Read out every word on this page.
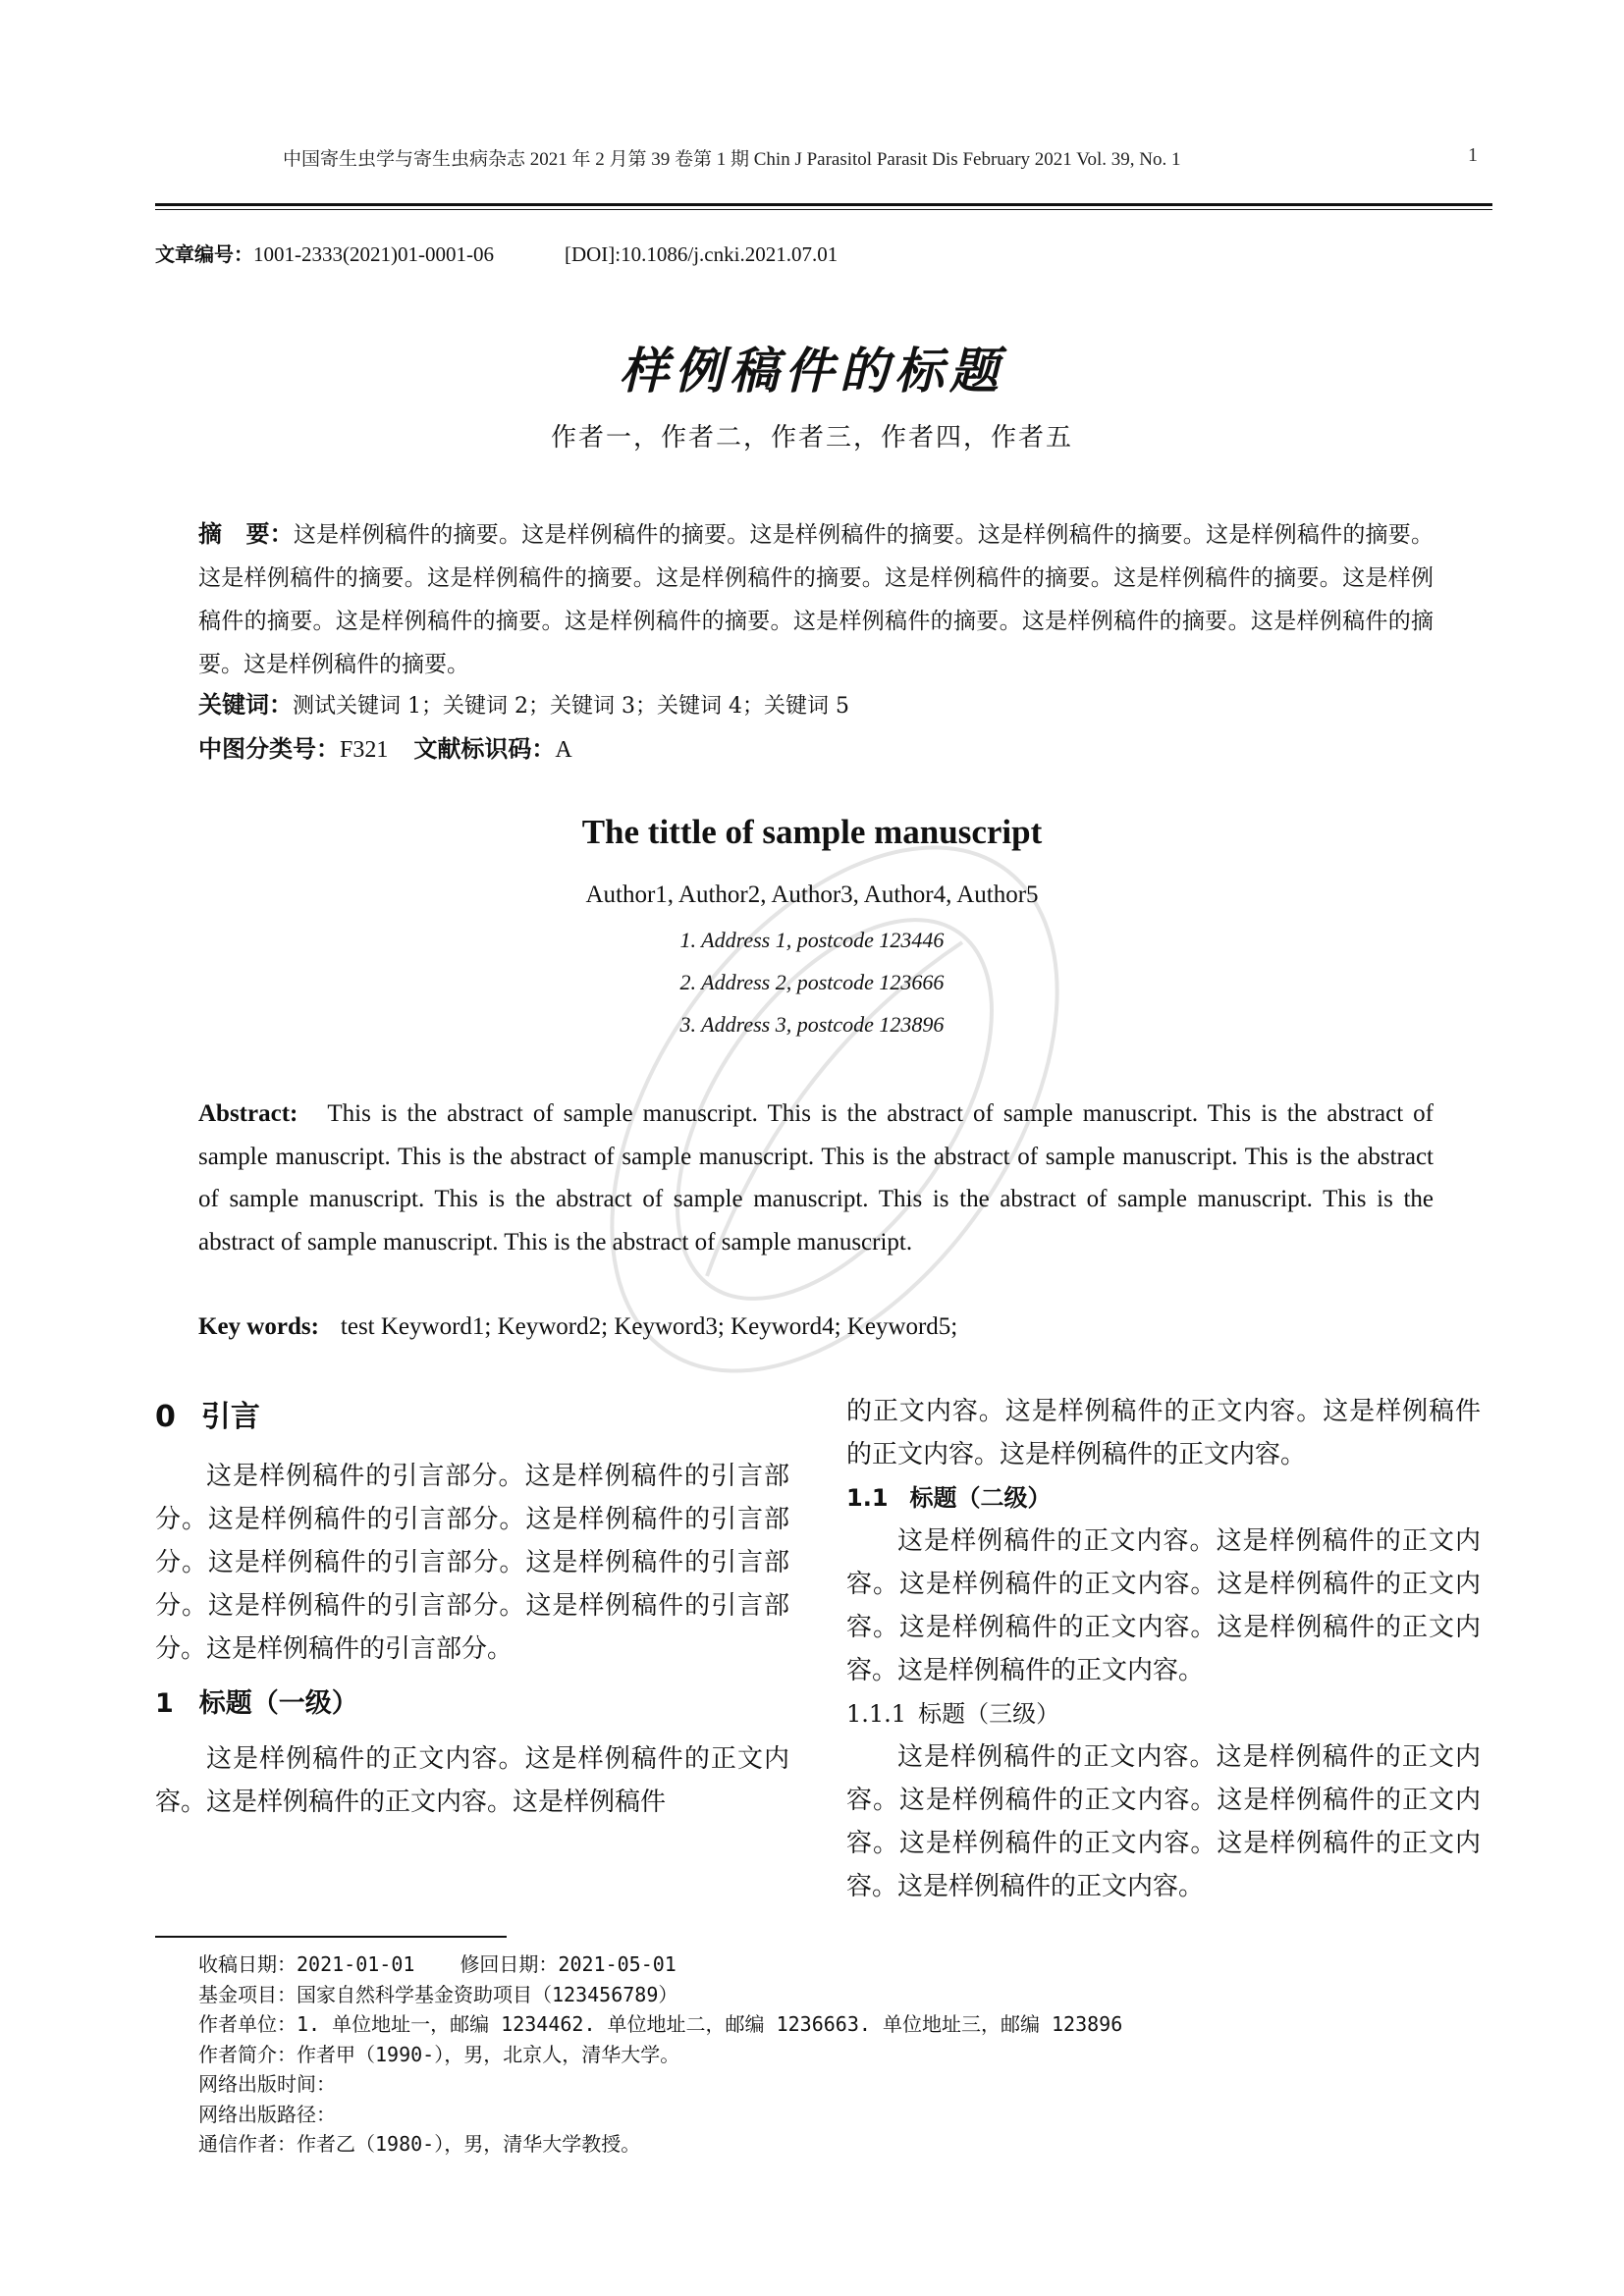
中国寄生虫学与寄生虫病杂志 2021 年 2 月第 39 卷第 1 期 Chin J Parasitol Parasit Dis February 2021 Vol. 39, No. 1	1
文章编号：1001-2333(2021)01-0001-06	[DOI]:10.1086/j.cnki.2021.07.01
样例稿件的标题
作者一，作者二，作者三，作者四，作者五
摘　要：这是样例稿件的摘要。这是样例稿件的摘要。这是样例稿件的摘要。这是样例稿件的摘要。这是样例稿件的摘要。这是样例稿件的摘要。这是样例稿件的摘要。这是样例稿件的摘要。这是样例稿件的摘要。这是样例稿件的摘要。这是样例稿件的摘要。这是样例稿件的摘要。这是样例稿件的摘要。这是样例稿件的摘要。这是样例稿件的摘要。这是样例稿件的摘要。这是样例稿件的摘要。
关键词：测试关键词 1；关键词 2；关键词 3；关键词 4；关键词 5
中图分类号：F321 文献标识码：A
The tittle of sample manuscript
Author1, Author2, Author3, Author4, Author5
1. Address 1, postcode 123446
2. Address 2, postcode 123666
3. Address 3, postcode 123896
Abstract: This is the abstract of sample manuscript. This is the abstract of sample manuscript. This is the abstract of sample manuscript. This is the abstract of sample manuscript. This is the abstract of sample manuscript. This is the abstract of sample manuscript. This is the abstract of sample manuscript. This is the abstract of sample manuscript. This is the abstract of sample manuscript. This is the abstract of sample manuscript.
Key words: test Keyword1; Keyword2; Keyword3; Keyword4; Keyword5;
0 引言

这是样例稿件的引言部分。这是样例稿件的引言部分。这是样例稿件的引言部分。这是样例稿件的引言部分。这是样例稿件的引言部分。这是样例稿件的引言部分。这是样例稿件的引言部分。这是样例稿件的引言部分。这是样例稿件的引言部分。

1 标题（一级）

这是样例稿件的正文内容。这是样例稿件的正文内容。这是样例稿件的正文内容。这是样例稿件

的正文内容。这是样例稿件的正文内容。这是样例稿件的正文内容。这是样例稿件的正文内容。

1.1 标题（二级）

这是样例稿件的正文内容。这是样例稿件的正文内容。这是样例稿件的正文内容。这是样例稿件的正文内容。这是样例稿件的正文内容。这是样例稿件的正文内容。这是样例稿件的正文内容。

1.1.1 标题（三级）

这是样例稿件的正文内容。这是样例稿件的正文内容。这是样例稿件的正文内容。这是样例稿件的正文内容。这是样例稿件的正文内容。这是样例稿件的正文内容。这是样例稿件的正文内容。

收稿日期：2021-01-01 修回日期：2021-05-01
基金项目：国家自然科学基金资助项目（123456789）
作者单位：1. 单位地址一，邮编 1234462. 单位地址二，邮编 1236663. 单位地址三，邮编 123896
作者简介：作者甲（1990-），男，北京人，清华大学。
网络出版时间：
网络出版路径：
通信作者：作者乙（1980-），男，清华大学教授。
